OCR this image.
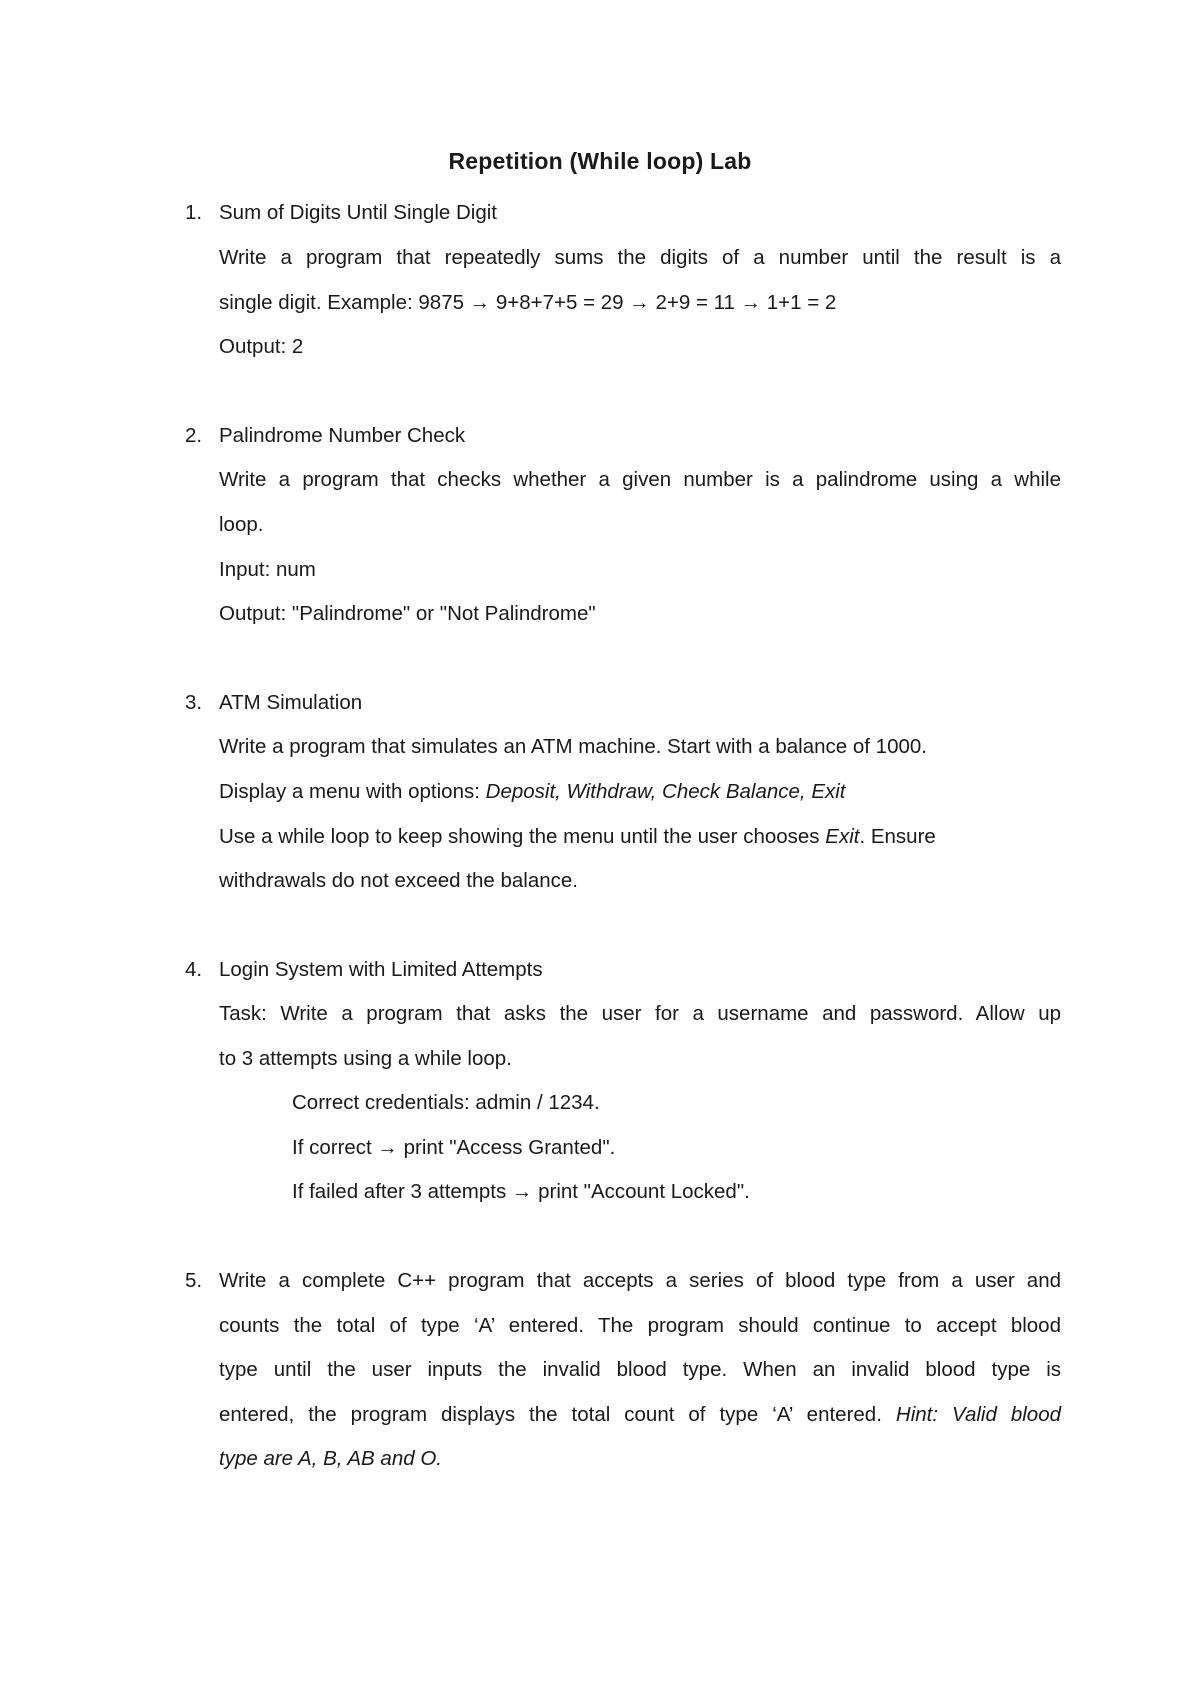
Repetition (While loop) Lab
1. Sum of Digits Until Single Digit
Write a program that repeatedly sums the digits of a number until the result is a
single digit. Example: 9875 → 9+8+7+5 = 29 → 2+9 = 11 → 1+1 = 2
Output: 2
2. Palindrome Number Check
Write a program that checks whether a given number is a palindrome using a while
loop.
Input: num
Output: "Palindrome" or "Not Palindrome"
3. ATM Simulation
Write a program that simulates an ATM machine. Start with a balance of 1000.
Display a menu with options: Deposit, Withdraw, Check Balance, Exit
Use a while loop to keep showing the menu until the user chooses Exit. Ensure
withdrawals do not exceed the balance.
4. Login System with Limited Attempts
Task: Write a program that asks the user for a username and password. Allow up
to 3 attempts using a while loop.
Correct credentials: admin / 1234.
If correct → print "Access Granted".
If failed after 3 attempts → print "Account Locked".
5. Write a complete C++ program that accepts a series of blood type from a user and
counts the total of type ‘A’ entered. The program should continue to accept blood
type until the user inputs the invalid blood type. When an invalid blood type is
entered, the program displays the total count of type ‘A’ entered. Hint: Valid blood
type are A, B, AB and O.
